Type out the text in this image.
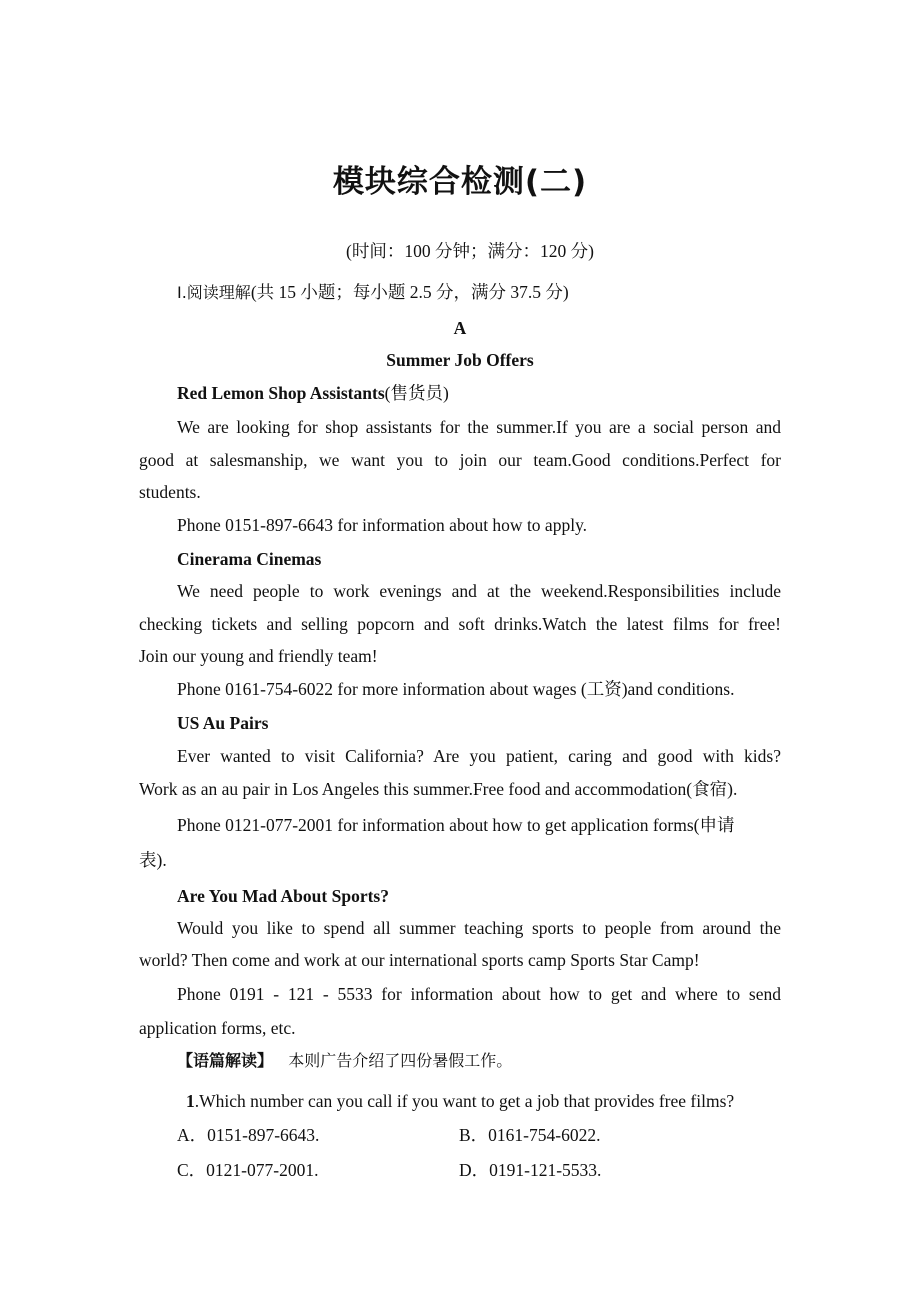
模块综合检测(二)
(时间：100 分钟；满分：120 分)
Ⅰ.阅读理解(共 15 小题；每小题 2.5 分，满分 37.5 分)
A
Summer Job Offers
Red Lemon Shop Assistants(售货员)
We are looking for shop assistants for the summer.If you are a social person and
good at salesmanship, we want you to join our team.Good conditions.Perfect for
students.
Phone 0151‐897‐6643 for information about how to apply.
Cinerama Cinemas
We need people to work evenings and at the weekend.Responsibilities include
checking tickets and selling popcorn and soft drinks.Watch the latest films for free!
Join our young and friendly team!
Phone 0161‐754‐6022 for more information about wages (工资)and conditions.
US Au Pairs
Ever wanted to visit California? Are you patient, caring and good with kids?
Work as an au pair in Los Angeles this summer.Free food and accommodation(食宿).
Phone 0121‐077‐2001 for information about how to get application forms(申请
表).
Are You Mad About Sports?
Would you like to spend all summer teaching sports to people from around the
world? Then come and work at our international sports camp Sports Star Camp!
Phone 0191 ‐ 121 ‐ 5533 for information about how to get and where to send
application forms, etc.
【语篇解读】 本则广告介绍了四份暑假工作。
1.Which number can you call if you want to get a job that provides free films?
A．0151‐897‐6643.	B．0161-754-6022.
C．0121‐077‐2001.	D．0191-121-5533.
